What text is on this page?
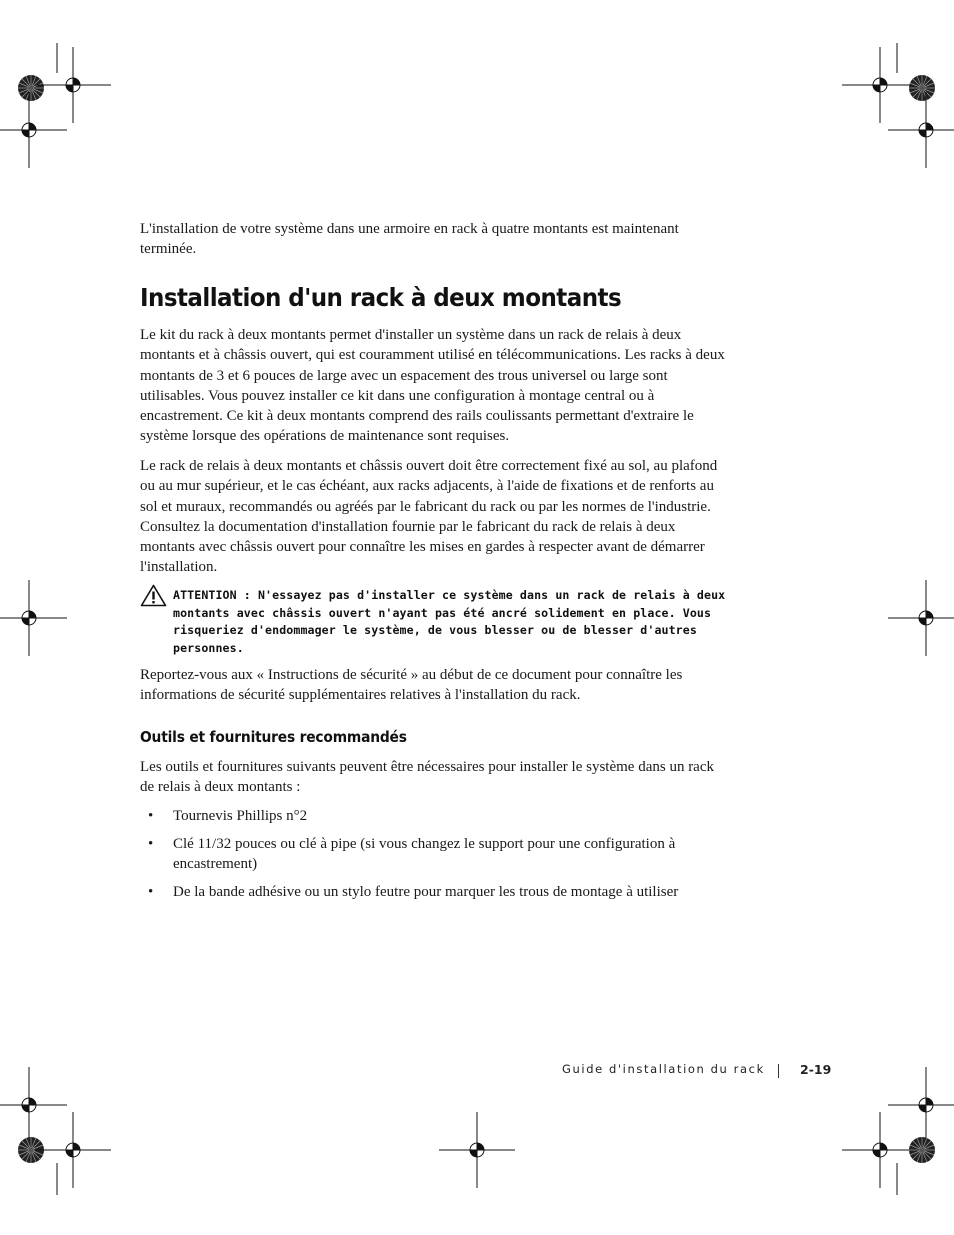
L'installation de votre système dans une armoire en rack à quatre montants est maintenant terminée.

Installation d'un rack à deux montants

Le kit du rack à deux montants permet d'installer un système dans un rack de relais à deux montants et à châssis ouvert, qui est couramment utilisé en télécommunications. Les racks à deux montants de 3 et 6 pouces de large avec un espacement des trous universel ou large sont utilisables. Vous pouvez installer ce kit dans une configuration à montage central ou à encastrement. Ce kit à deux montants comprend des rails coulissants permettant d'extraire le système lorsque des opérations de maintenance sont requises.

Le rack de relais à deux montants et châssis ouvert doit être correctement fixé au sol, au plafond ou au mur supérieur, et le cas échéant, aux racks adjacents, à l'aide de fixations et de renforts au sol et muraux, recommandés ou agréés par le fabricant du rack ou par les normes de l'industrie. Consultez la documentation d'installation fournie par le fabricant du rack de relais à deux montants avec châssis ouvert pour connaître les mises en gardes à respecter avant de démarrer l'installation.

ATTENTION : N'essayez pas d'installer ce système dans un rack de relais à deux montants avec châssis ouvert n'ayant pas été ancré solidement en place. Vous risqueriez d'endommager le système, de vous blesser ou de blesser d'autres personnes.

Reportez-vous aux « Instructions de sécurité » au début de ce document pour connaître les informations de sécurité supplémentaires relatives à l'installation du rack.

Outils et fournitures recommandés

Les outils et fournitures suivants peuvent être nécessaires pour installer le système dans un rack de relais à deux montants :

• Tournevis Phillips n°2
• Clé 11/32 pouces ou clé à pipe (si vous changez le support pour une configuration à encastrement)
• De la bande adhésive ou un stylo feutre pour marquer les trous de montage à utiliser
Guide d'installation du rack	2-19
